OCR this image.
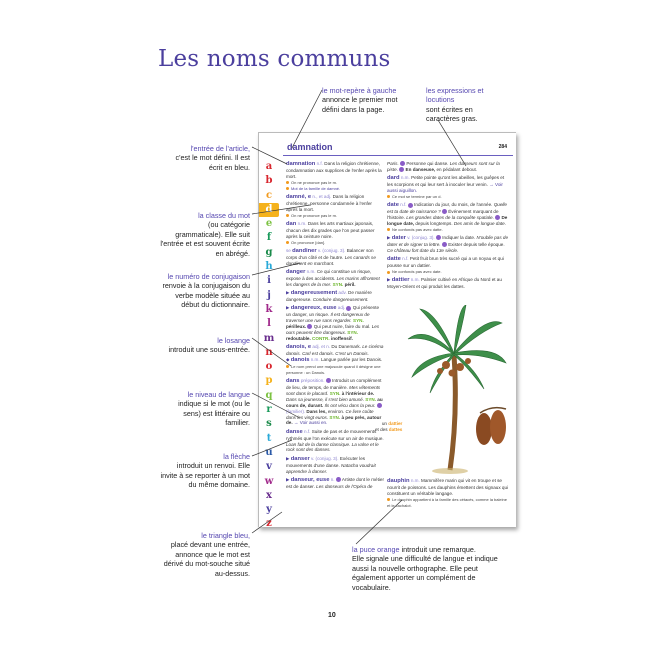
Les noms communs
le mot-repère à gauche
annonce le premier mot défini dans la page.
les expressions et locutions
sont écrites en caractères gras.
l'entrée de l'article,
c'est le mot défini. Il est écrit en bleu.
la classe du mot
(ou catégorie grammaticale). Elle suit l'entrée et est souvent écrite en abrégé.
le numéro de conjugaison
renvoie à la conjugaison du verbe modèle située au début du dictionnaire.
le losange
introduit une sous-entrée.
le niveau de langue
indique si le mot (ou le sens) est littéraire ou familier.
la flèche
introduit un renvoi. Elle invite à se reporter à un mot du même domaine.
le triangle bleu,
placé devant une entrée, annonce que le mot est dérivé du mot-souche situé au-dessus.
la puce orange introduit une remarque.
Elle signale une difficulté de langue et indique aussi la nouvelle orthographe. Elle peut également apporter un complément de vocabulaire.
damnation	284
a
b
c
d
e
f
g
h
i
j
k
l
m
n
o
p
q
r
s
t
u
v
w
x
y
z
damnation n.f. Dans la religion chrétienne, condamnation aux supplices de l'enfer après la mort.
On ne prononce pas le m.
Mot de la famille de damné.
damné, e n., et adj. Dans la religion chrétienne, personne condamnée à l'enfer après la mort.
On ne prononce pas le m.
dan n.m. Dans les arts martiaux japonais, chacun des dix grades que l'on peut passer après la ceinture noire.
On prononce [dan].
se dandiner v. (conjug. 3). Balancer son corps d'un côté et de l'autre. Les canards se dandinent en marchant.
danger n.m. Ce qui constitue un risque, expose à des accidents. Les marins affrontent les dangers de la mer. SYN. péril.
▶ dangereusement adv. De manière dangereuse. Conduire dangereusement.
▶ dangereux, euse adj. Qui présente un danger, un risque. Il est dangereux de traverser une rue sans regarder. SYN. périlleux. Qui peut nuire, faire du mal. Les ours peuvent être dangereux. SYN. redoutable. CONTR. inoffensif.
danois, e adj. et n. Du Danemark. Le cinéma danois. Carl est danois. C'est un Danois.
◆ danois n.m. Langue parlée par les Danois.
Le nom prend une majuscule quand il désigne une personne : un Danois.
dans préposition. Introduit un complément de lieu, de temps, de manière. Mes vêtements sont dans le placard. SYN. à l'intérieur de. Dans sa jeunesse, il s'est bien amusé. SYN. au cours de, durant. Ils ont vécu dans la peur.  (familier). Dans les, environ. Ce livre coûte dans les vingt euros. SYN. à peu près, autour de. → Voir aussi en.
danse n.f. Suite de pas et de mouvements rythmés que l'on exécute sur un air de musique. Loan fait de la danse classique. La valse et le rock sont des danses.
▶ danser v. (conjug. 3). Exécuter les mouvements d'une danse. Natacha voudrait apprendre à danser.
▶ danseur, euse n. Artiste dont le métier est de danser. Les danseurs de l'Opéra de
Paris. Personne qui danse. Les danseurs sont sur la piste. En danseuse, en pédalant debout.
dard n.m. Petite pointe qu'ont les abeilles, les guêpes et les scorpions et qui leur sert à inoculer leur venin. → Voir aussi aiguillon.
Ce mot se termine par un d.
date n.f. Indication du jour, du mois, de l'année. Quelle est ta date de naissance ? Événement marquant de l'histoire. Les grandes dates de la conquête spatiale. De longue date, depuis longtemps. Des amis de longue date.
Ne confonds pas avec datte.
▶ dater v. (conjug. 3). Indiquer la date. N'oublie pas de dater et de signer ta lettre. Exister depuis telle époque. Ce château fort date du 13e siècle.
datte n.f. Petit fruit brun très sucré qui a un noyau et qui pousse sur un dattier.
Ne confonds pas avec date.
▶ dattier n.m. Palmier cultivé en Afrique du Nord et au Moyen-Orient et qui produit les dattes.
un dattier
et des dattes
dauphin n.m. Mammifère marin qui vit en troupe et se nourrit de poissons. Les dauphins émettent des signaux qui constituent un véritable langage.
Le dauphin appartient à la famille des cétacés, comme la baleine et le cachalot.
10
